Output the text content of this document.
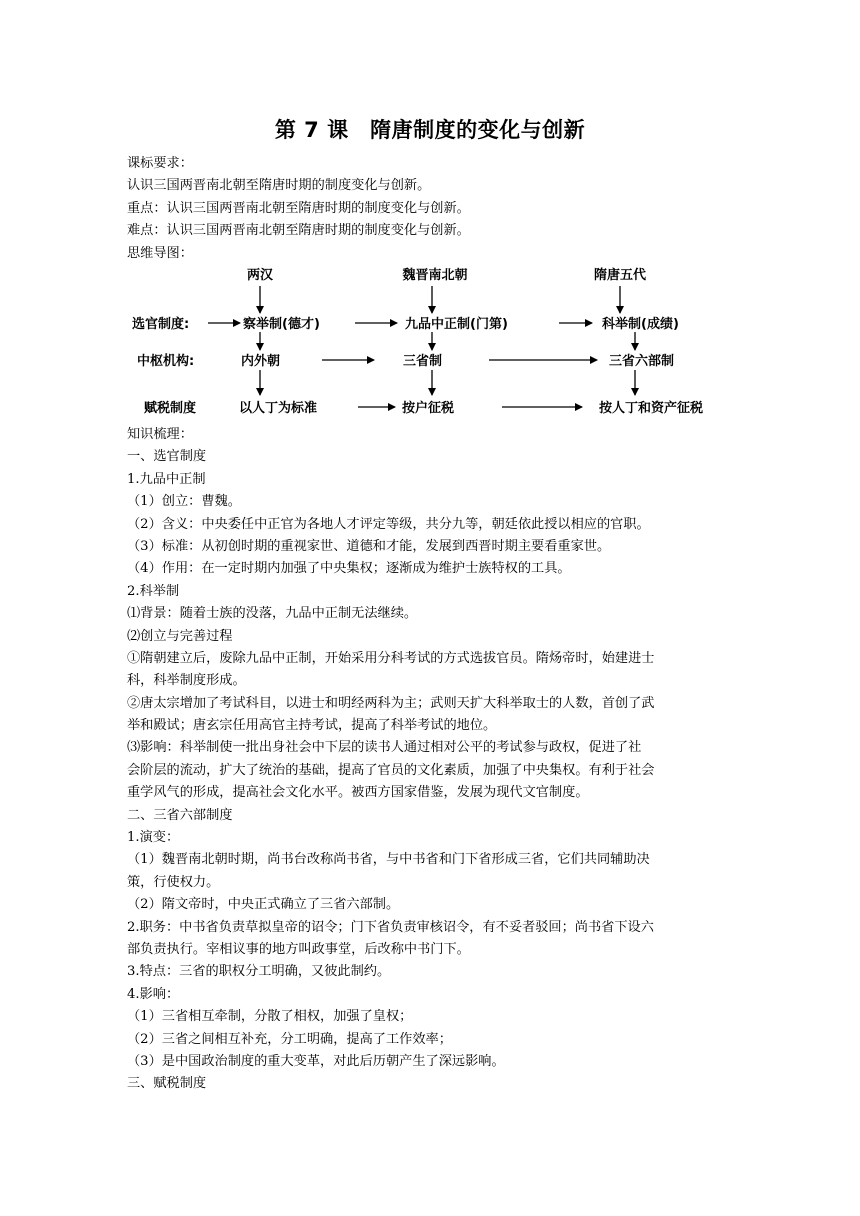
第 7 课　隋唐制度的变化与创新
课标要求：
认识三国两晋南北朝至隋唐时期的制度变化与创新。
重点：认识三国两晋南北朝至隋唐时期的制度变化与创新。
难点：认识三国两晋南北朝至隋唐时期的制度变化与创新。
思维导图：
两汉	魏晋南北朝	隋唐五代
选官制度:	察举制(德才)	九品中正制(门第)	科举制(成绩)
中枢机构:	内外朝	三省制	三省六部制
赋税制度	以人丁为标准	按户征税	按人丁和资产征税
知识梳理：
一、选官制度
1.九品中正制
（1）创立：曹魏。
（2）含义：中央委任中正官为各地人才评定等级，共分九等，朝廷依此授以相应的官职。
（3）标准：从初创时期的重视家世、道德和才能，发展到西晋时期主要看重家世。
（4）作用：在一定时期内加强了中央集权；逐渐成为维护士族特权的工具。
2.科举制
⑴背景：随着士族的没落，九品中正制无法继续。
⑵创立与完善过程
①隋朝建立后，废除九品中正制，开始采用分科考试的方式选拔官员。隋炀帝时，始建进士
科，科举制度形成。
②唐太宗增加了考试科目，以进士和明经两科为主；武则天扩大科举取士的人数，首创了武
举和殿试；唐玄宗任用高官主持考试，提高了科举考试的地位。
⑶影响：科举制使一批出身社会中下层的读书人通过相对公平的考试参与政权，促进了社
会阶层的流动，扩大了统治的基础，提高了官员的文化素质，加强了中央集权。有利于社会
重学风气的形成，提高社会文化水平。被西方国家借鉴，发展为现代文官制度。
二、三省六部制度
1.演变：
（1）魏晋南北朝时期，尚书台改称尚书省，与中书省和门下省形成三省，它们共同辅助决
策，行使权力。
（2）隋文帝时，中央正式确立了三省六部制。
2.职务：中书省负责草拟皇帝的诏令；门下省负责审核诏令，有不妥者驳回；尚书省下设六
部负责执行。宰相议事的地方叫政事堂，后改称中书门下。
3.特点：三省的职权分工明确，又彼此制约。
4.影响：
（1）三省相互牵制，分散了相权，加强了皇权；
（2）三省之间相互补充，分工明确，提高了工作效率；
（3）是中国政治制度的重大变革，对此后历朝产生了深远影响。
三、赋税制度
